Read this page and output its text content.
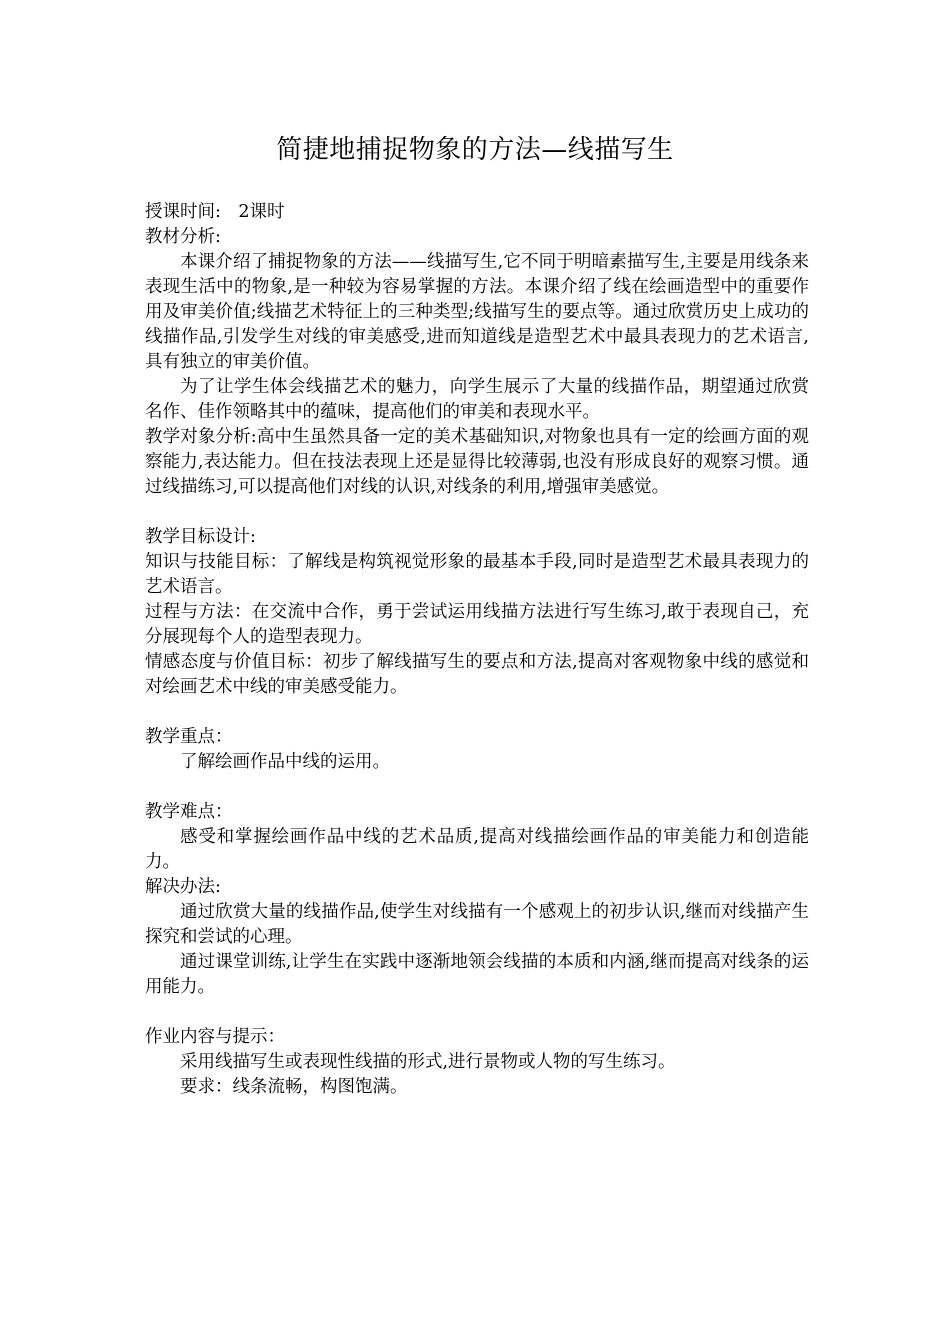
简捷地捕捉物象的方法—线描写生

授课时间:　2课时

教材分析:

本课介绍了捕捉物象的方法——线描写生,它不同于明暗素描写生,主要是用线条来表现生活中的物象,是一种较为容易掌握的方法。本课介绍了线在绘画造型中的重要作用及审美价值;线描艺术特征上的三种类型;线描写生的要点等。通过欣赏历史上成功的线描作品,引发学生对线的审美感受,进而知道线是造型艺术中最具表现力的艺术语言,具有独立的审美价值。

为了让学生体会线描艺术的魅力，向学生展示了大量的线描作品，期望通过欣赏名作、佳作领略其中的蕴味，提高他们的审美和表现水平。

教学对象分析:高中生虽然具备一定的美术基础知识,对物象也具有一定的绘画方面的观察能力,表达能力。但在技法表现上还是显得比较薄弱,也没有形成良好的观察习惯。通过线描练习,可以提高他们对线的认识,对线条的利用,增强审美感觉。

教学目标设计:

知识与技能目标：了解线是构筑视觉形象的最基本手段,同时是造型艺术最具表现力的艺术语言。

过程与方法：在交流中合作，勇于尝试运用线描方法进行写生练习,敢于表现自己，充分展现每个人的造型表现力。

情感态度与价值目标：初步了解线描写生的要点和方法,提高对客观物象中线的感觉和对绘画艺术中线的审美感受能力。

教学重点：

了解绘画作品中线的运用。

教学难点：

感受和掌握绘画作品中线的艺术品质,提高对线描绘画作品的审美能力和创造能力。

解决办法:

通过欣赏大量的线描作品,使学生对线描有一个感观上的初步认识,继而对线描产生探究和尝试的心理。

通过课堂训练,让学生在实践中逐渐地领会线描的本质和内涵,继而提高对线条的运用能力。

作业内容与提示：

采用线描写生或表现性线描的形式,进行景物或人物的写生练习。

要求：线条流畅，构图饱满。
